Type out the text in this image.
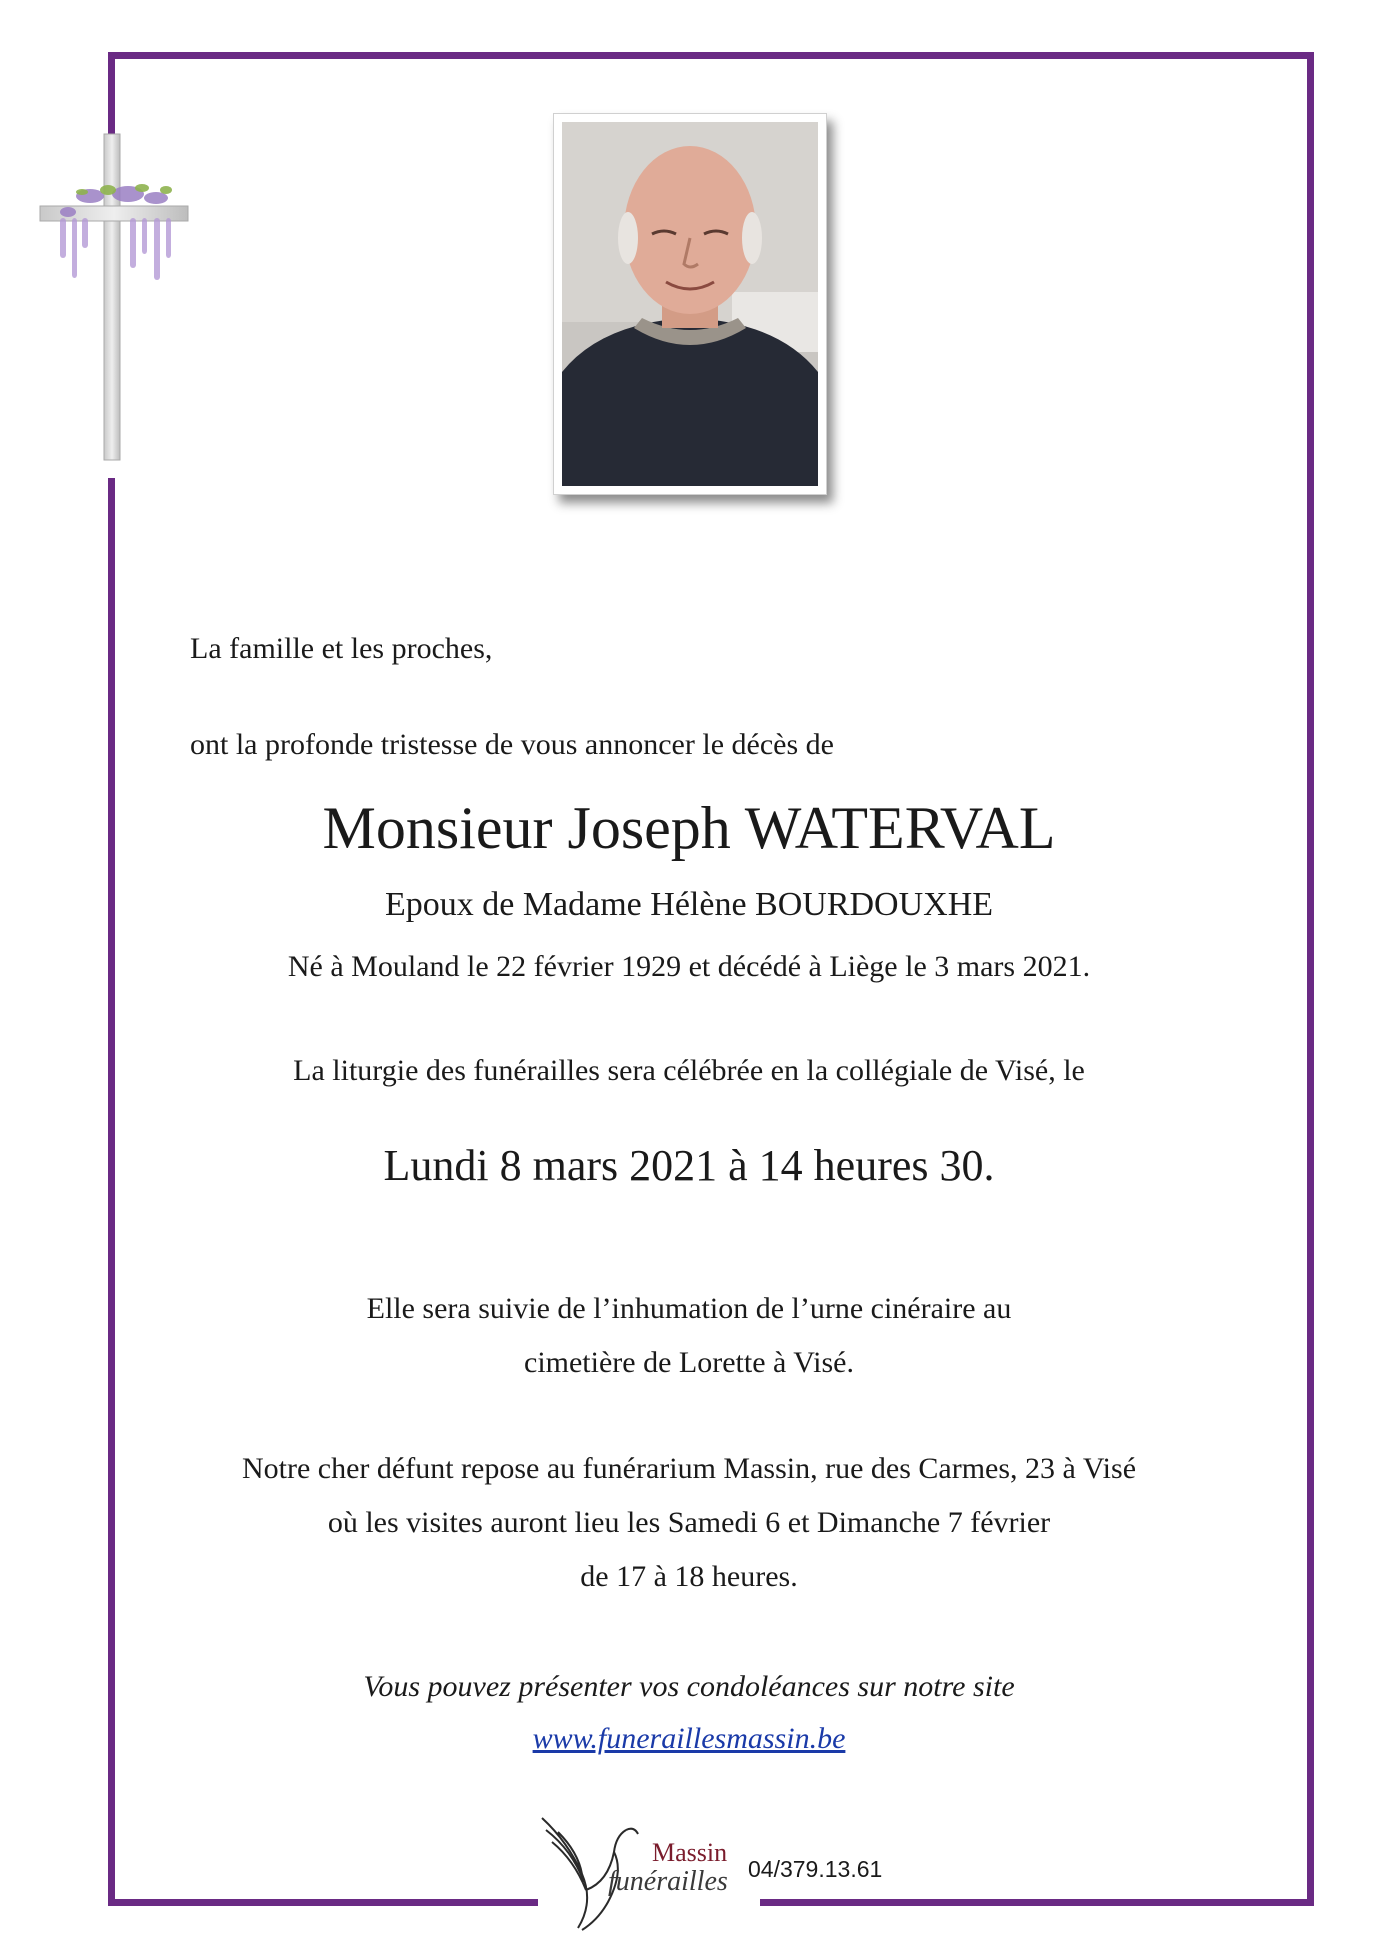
La famille et les proches,
ont la profonde tristesse de vous annoncer le décès de
Monsieur Joseph WATERVAL
Epoux de Madame Hélène BOURDOUXHE
Né à Mouland le 22 février 1929 et décédé à Liège le 3 mars 2021.
La liturgie des funérailles sera célébrée en la collégiale de Visé, le
Lundi 8 mars 2021 à 14 heures 30.
Elle sera suivie de l’inhumation de l’urne cinéraire au
cimetière de Lorette à Visé.
Notre cher défunt repose au funérarium Massin, rue des Carmes, 23 à Visé
où les visites auront lieu les Samedi 6 et Dimanche 7 février
de 17 à 18 heures.
Vous pouvez présenter vos condoléances sur notre site
www.funeraillesmassin.be
Massin
funérailles 04/379.13.61
